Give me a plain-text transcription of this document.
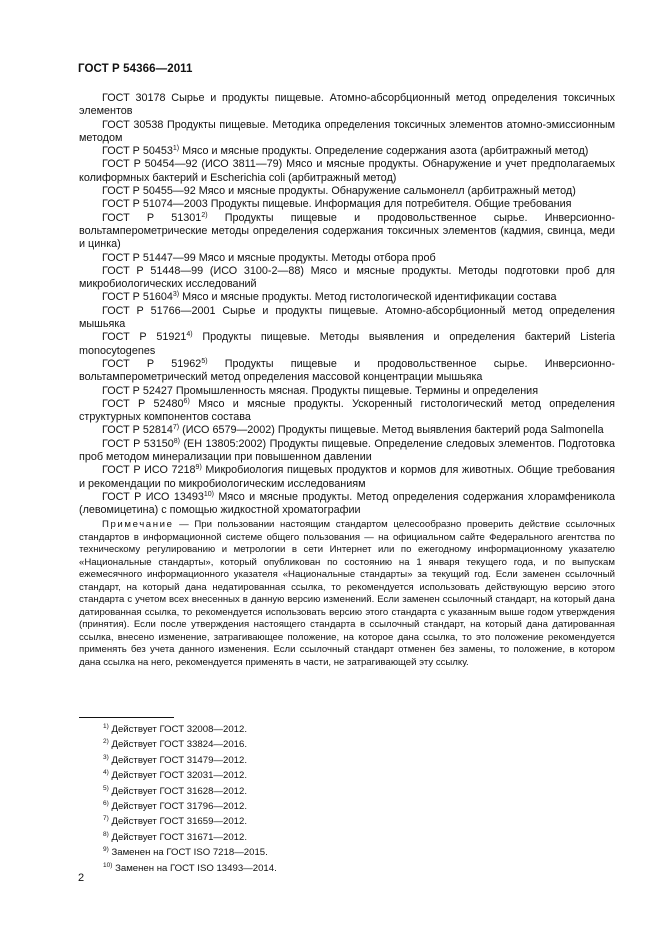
ГОСТ Р 54366—2011

ГОСТ 30178 Сырье и продукты пищевые. Атомно-абсорбционный метод определения токсичных элементов

ГОСТ 30538 Продукты пищевые. Методика определения токсичных элементов атомно-эмиссионным методом

ГОСТ Р 50453$^{1)}$ Мясо и мясные продукты. Определение содержания азота (арбитражный метод)

ГОСТ Р 50454—92 (ИСО 3811—79) Мясо и мясные продукты. Обнаружение и учет предполагаемых колиформных бактерий и Escherichia coli (арбитражный метод)

ГОСТ Р 50455—92 Мясо и мясные продукты. Обнаружение сальмонелл (арбитражный метод)

ГОСТ Р 51074—2003 Продукты пищевые. Информация для потребителя. Общие требования

ГОСТ Р 51301$^{2)}$ Продукты пищевые и продовольственное сырье. Инверсионно-вольтамперометрические методы определения содержания токсичных элементов (кадмия, свинца, меди и цинка)

ГОСТ Р 51447—99 Мясо и мясные продукты. Методы отбора проб

ГОСТ Р 51448—99 (ИСО 3100-2—88) Мясо и мясные продукты. Методы подготовки проб для микробиологических исследований

ГОСТ Р 51604$^{3)}$ Мясо и мясные продукты. Метод гистологической идентификации состава

ГОСТ Р 51766—2001 Сырье и продукты пищевые. Атомно-абсорбционный метод определения мышьяка

ГОСТ Р 51921$^{4)}$ Продукты пищевые. Методы выявления и определения бактерий Listeria monocytogenes

ГОСТ Р 51962$^{5)}$ Продукты пищевые и продовольственное сырье. Инверсионно-вольтамперометрический метод определения массовой концентрации мышьяка

ГОСТ Р 52427 Промышленность мясная. Продукты пищевые. Термины и определения

ГОСТ Р 52480$^{6)}$ Мясо и мясные продукты. Ускоренный гистологический метод определения структурных компонентов состава

ГОСТ Р 52814$^{7)}$ (ИСО 6579—2002) Продукты пищевые. Метод выявления бактерий рода Salmonella

ГОСТ Р 53150$^{8)}$ (ЕН 13805:2002) Продукты пищевые. Определение следовых элементов. Подготовка проб методом минерализации при повышенном давлении

ГОСТ Р ИСО 7218$^{9)}$ Микробиология пищевых продуктов и кормов для животных. Общие требования и рекомендации по микробиологическим исследованиям

ГОСТ Р ИСО 13493$^{10)}$ Мясо и мясные продукты. Метод определения содержания хлорамфеникола (левомицетина) с помощью жидкостной хроматографии

Примечание — При пользовании настоящим стандартом целесообразно проверить действие ссылочных стандартов в информационной системе общего пользования — на официальном сайте Федерального агентства по техническому регулированию и метрологии в сети Интернет или по ежегодному информационному указателю «Национальные стандарты», который опубликован по состоянию на 1 января текущего года, и по выпускам ежемесячного информационного указателя «Национальные стандарты» за текущий год. Если заменен ссылочный стандарт, на который дана недатированная ссылка, то рекомендуется использовать действующую версию этого стандарта с учетом всех внесенных в данную версию изменений. Если заменен ссылочный стандарт, на который дана датированная ссылка, то рекомендуется использовать версию этого стандарта с указанным выше годом утверждения (принятия). Если после утверждения настоящего стандарта в ссылочный стандарт, на который дана датированная ссылка, внесено изменение, затрагивающее положение, на которое дана ссылка, то это положение рекомендуется применять без учета данного изменения. Если ссылочный стандарт отменен без замены, то положение, в котором дана ссылка на него, рекомендуется применять в части, не затрагивающей эту ссылку.

$^{1)}$ Действует ГОСТ 32008—2012.

$^{2)}$ Действует ГОСТ 33824—2016.

$^{3)}$ Действует ГОСТ 31479—2012.

$^{4)}$ Действует ГОСТ 32031—2012.

$^{5)}$ Действует ГОСТ 31628—2012.

$^{6)}$ Действует ГОСТ 31796—2012.

$^{7)}$ Действует ГОСТ 31659—2012.

$^{8)}$ Действует ГОСТ 31671—2012.

$^{9)}$ Заменен на ГОСТ ISO 7218—2015.

$^{10)}$ Заменен на ГОСТ ISO 13493—2014.

2
